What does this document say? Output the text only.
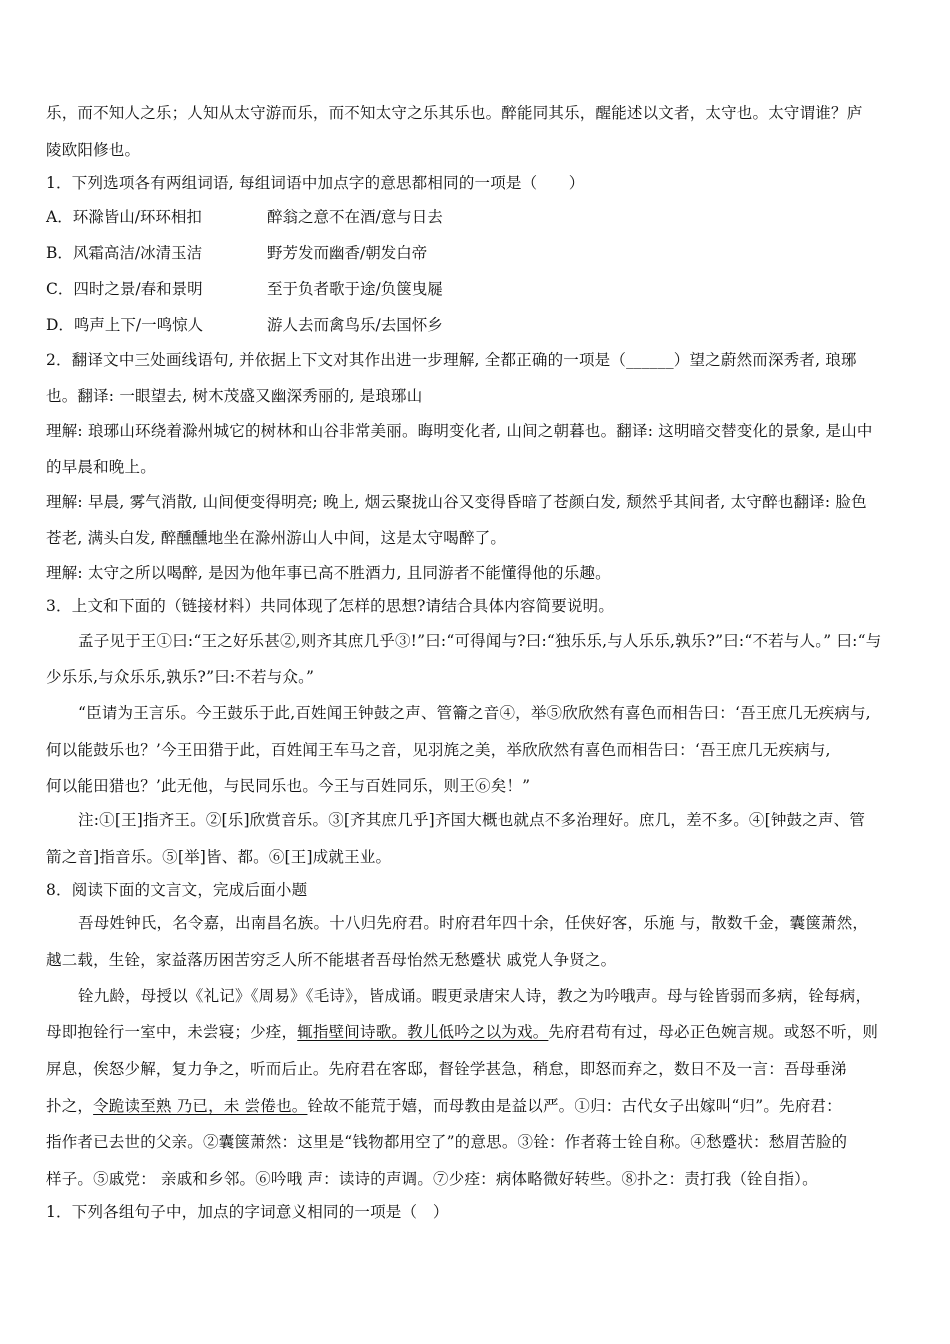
乐，而不知人之乐；人知从太守游而乐，而不知太守之乐其乐也。醉能同其乐，醒能述以文者，太守也。太守谓谁？庐
陵欧阳修也。
1．下列选项各有两组词语, 每组词语中加点字的意思都相同的一项是（　　）
A．环滁皆山/环环相扣	醉翁之意不在酒/意与日去
B．风霜高洁/冰清玉洁	野芳发而幽香/朝发白帝
C．四时之景/春和景明	至于负者歌于途/负箧曳屣
D．鸣声上下/一鸣惊人	游人去而禽鸟乐/去国怀乡
2．翻译文中三处画线语句, 并依据上下文对其作出进一步理解, 全都正确的一项是（______）望之蔚然而深秀者, 琅琊
也。翻译: 一眼望去, 树木茂盛又幽深秀丽的, 是琅琊山
理解: 琅琊山环绕着滁州城它的树林和山谷非常美丽。晦明变化者, 山间之朝暮也。翻译: 这明暗交替变化的景象, 是山中
的早晨和晚上。
理解: 早晨, 雾气消散, 山间便变得明亮; 晚上, 烟云聚拢山谷又变得昏暗了苍颜白发, 颓然乎其间者, 太守醉也翻译: 脸色
苍老, 满头白发, 醉醺醺地坐在滁州游山人中间，这是太守喝醉了。
理解: 太守之所以喝醉, 是因为他年事已高不胜酒力, 且同游者不能懂得他的乐趣。
3．上文和下面的（链接材料）共同体现了怎样的思想?请结合具体内容简要说明。
孟子见于王①曰:“王之好乐甚②,则齐其庶几乎③!”曰:“可得闻与?曰:“独乐乐,与人乐乐,孰乐?”曰:“不若与人。” 曰:“与
少乐乐,与众乐乐,孰乐?”曰:不若与众。”
“臣请为王言乐。今王鼓乐于此,百姓闻王钟鼓之声、管籥之音④，举⑤欣欣然有喜色而相告曰：‘吾王庶几无疾病与,
何以能鼓乐也？’今王田猎于此，百姓闻王车马之音，见羽旄之美，举欣欣然有喜色而相告曰：‘吾王庶几无疾病与,
何以能田猎也？’此无他，与民同乐也。今王与百姓同乐，则王⑥矣！”
注:①[王]指齐王。②[乐]欣赏音乐。③[齐其庶几乎]齐国大概也就点不多治理好。庶几，差不多。④[钟鼓之声、管
箭之音]指音乐。⑤[举]皆、都。⑥[王]成就王业。
8．阅读下面的文言文，完成后面小题
吾母姓钟氏，名令嘉，出南昌名族。十八归先府君。时府君年四十余，任侠好客，乐施 与，散数千金，囊箧萧然，
越二载，生铨，家益落历困苦穷乏人所不能堪者吾母怡然无愁蹙状 戚党人争贤之。
铨九龄，母授以《礼记》《周易》《毛诗》，皆成诵。暇更录唐宋人诗，教之为吟哦声。母与铨皆弱而多病，铨每病，
母即抱铨行一室中，未尝寝；少痊，辄指壁间诗歌。教儿低吟之以为戏。先府君苟有过，母必正色婉言规。或怒不听，则
屏息，俟怒少解，复力争之，听而后止。先府君在客邸，督铨学甚急，稍怠，即怒而弃之，数日不及一言：吾母垂涕
扑之，令跪读至熟 乃已，未 尝倦也。铨故不能荒于嬉，而母教由是益以严。①归：古代女子出嫁叫“归”。先府君：
指作者已去世的父亲。②囊箧萧然：这里是“钱物都用空了”的意思。③铨：作者蒋士铨自称。④愁蹙状：愁眉苦脸的
样子。⑤戚党： 亲戚和乡邻。⑥吟哦 声：读诗的声调。⑦少痊：病体略微好转些。⑧扑之：责打我（铨自指）。
1．下列各组句子中，加点的字词意义相同的一项是（　）
